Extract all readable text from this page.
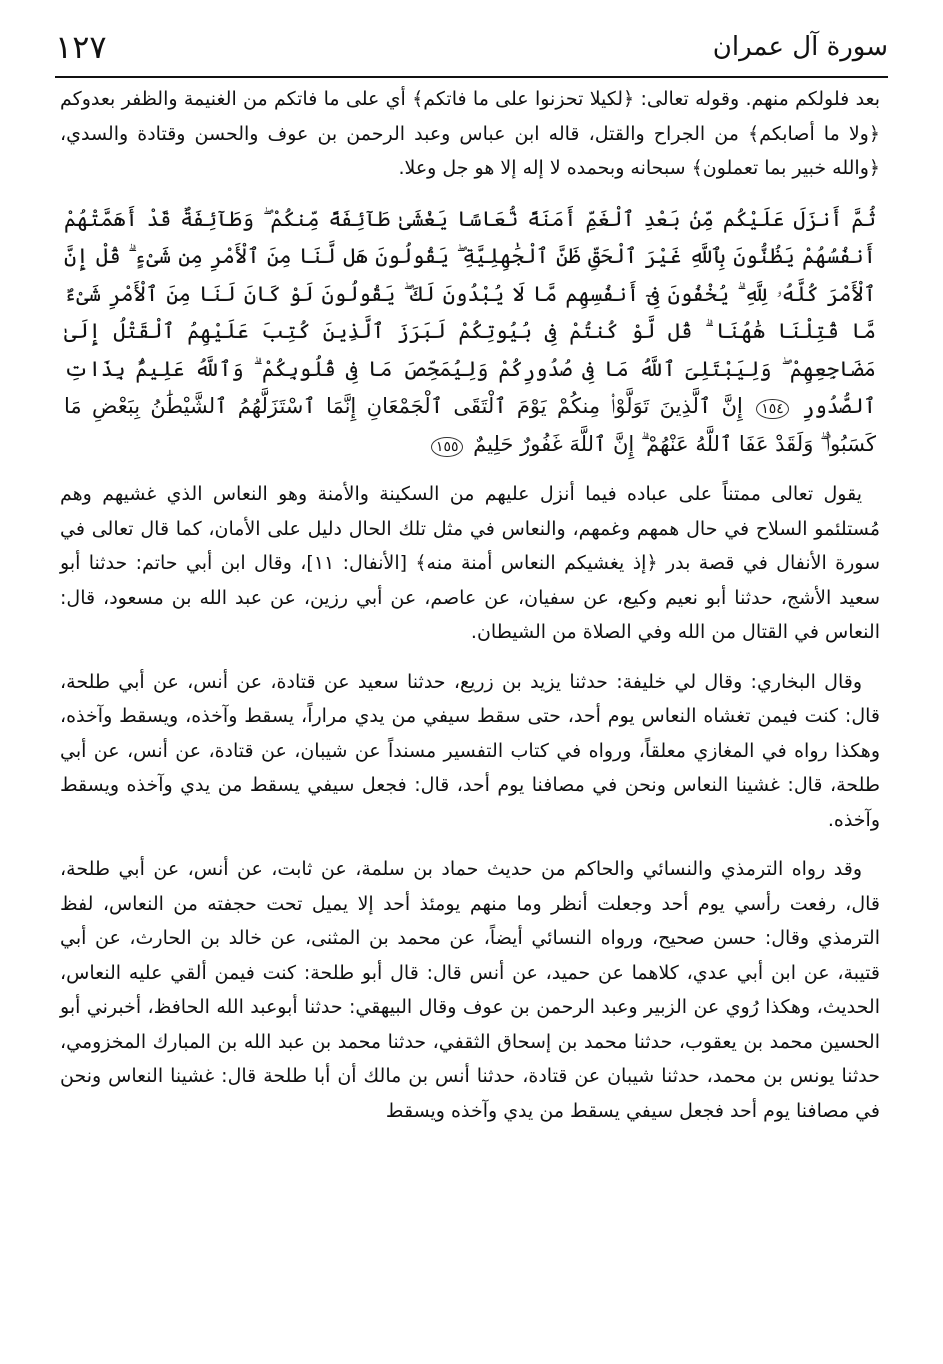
سورة آل عمران
١٢٧

بعد فلولكم منهم. وقوله تعالى: ﴿لكيلا تحزنوا على ما فاتكم﴾ أي على ما فاتكم من الغنيمة والظفر بعدوكم ﴿ولا ما أصابكم﴾ من الجراح والقتل، قاله ابن عباس وعبد الرحمن بن عوف والحسن وقتادة والسدي، ﴿والله خبير بما تعملون﴾ سبحانه وبحمده لا إله إلا هو جل وعلا.

ثُمَّ أَنزَلَ عَلَيْكُم مِّنۢ بَعْدِ ٱلْغَمِّ أَمَنَةً نُّعَاسًا يَغْشَىٰ طَآئِفَةً مِّنكُمْ ۖ وَطَآئِفَةٌ قَدْ أَهَمَّتْهُمْ أَنفُسُهُمْ يَظُنُّونَ بِٱللَّهِ غَيْرَ ٱلْحَقِّ ظَنَّ ٱلْجَٰهِلِيَّةِ ۖ يَقُولُونَ هَل لَّنَا مِنَ ٱلْأَمْرِ مِن شَىْءٍ ۗ قُلْ إِنَّ ٱلْأَمْرَ كُلَّهُۥ لِلَّهِ ۗ يُخْفُونَ فِىٓ أَنفُسِهِم مَّا لَا يُبْدُونَ لَكَ ۖ يَقُولُونَ لَوْ كَانَ لَنَا مِنَ ٱلْأَمْرِ شَىْءٌ مَّا قُتِلْنَا هَٰهُنَا ۗ قُل لَّوْ كُنتُمْ فِى بُيُوتِكُمْ لَبَرَزَ ٱلَّذِينَ كُتِبَ عَلَيْهِمُ ٱلْقَتْلُ إِلَىٰ مَضَاجِعِهِمْ ۖ وَلِيَبْتَلِىَ ٱللَّهُ مَا فِى صُدُورِكُمْ وَلِيُمَحِّصَ مَا فِى قُلُوبِكُمْ ۗ وَٱللَّهُ عَلِيمٌۢ بِذَاتِ ٱلصُّدُورِ ١٥٤ إِنَّ ٱلَّذِينَ تَوَلَّوْا۟ مِنكُمْ يَوْمَ ٱلْتَقَى ٱلْجَمْعَانِ إِنَّمَا ٱسْتَزَلَّهُمُ ٱلشَّيْطَٰنُ بِبَعْضِ مَا كَسَبُوا۟ ۖ وَلَقَدْ عَفَا ٱللَّهُ عَنْهُمْ ۗ إِنَّ ٱللَّهَ غَفُورٌ حَلِيمٌ ١٥٥

يقول تعالى ممتناً على عباده فيما أنزل عليهم من السكينة والأمنة وهو النعاس الذي غشيهم وهم مُستلئمو السلاح في حال همهم وغمهم، والنعاس في مثل تلك الحال دليل على الأمان، كما قال تعالى في سورة الأنفال في قصة بدر ﴿إذ يغشيكم النعاس أمنة منه﴾ [الأنفال: ١١]، وقال ابن أبي حاتم: حدثنا أبو سعيد الأشج، حدثنا أبو نعيم وكيع، عن سفيان، عن عاصم، عن أبي رزين، عن عبد الله بن مسعود، قال: النعاس في القتال من الله وفي الصلاة من الشيطان.

وقال البخاري: وقال لي خليفة: حدثنا يزيد بن زريع، حدثنا سعيد عن قتادة، عن أنس، عن أبي طلحة، قال: كنت فيمن تغشاه النعاس يوم أحد، حتى سقط سيفي من يدي مراراً، يسقط وآخذه، ويسقط وآخذه، وهكذا رواه في المغازي معلقاً، ورواه في كتاب التفسير مسنداً عن شيبان، عن قتادة، عن أنس، عن أبي طلحة، قال: غشينا النعاس ونحن في مصافنا يوم أحد، قال: فجعل سيفي يسقط من يدي وآخذه ويسقط وآخذه.

وقد رواه الترمذي والنسائي والحاكم من حديث حماد بن سلمة، عن ثابت، عن أنس، عن أبي طلحة، قال، رفعت رأسي يوم أحد وجعلت أنظر وما منهم يومئذ أحد إلا يميل تحت حجفته من النعاس، لفظ الترمذي وقال: حسن صحيح، ورواه النسائي أيضاً، عن محمد بن المثنى، عن خالد بن الحارث، عن أبي قتيبة، عن ابن أبي عدي، كلاهما عن حميد، عن أنس قال: قال أبو طلحة: كنت فيمن ألقي عليه النعاس، الحديث، وهكذا رُوي عن الزبير وعبد الرحمن بن عوف وقال البيهقي: حدثنا أبوعبد الله الحافظ، أخبرني أبو الحسين محمد بن يعقوب، حدثنا محمد بن إسحاق الثقفي، حدثنا محمد بن عبد الله بن المبارك المخزومي، حدثنا يونس بن محمد، حدثنا شيبان عن قتادة، حدثنا أنس بن مالك أن أبا طلحة قال: غشينا النعاس ونحن في مصافنا يوم أحد فجعل سيفي يسقط من يدي وآخذه ويسقط
